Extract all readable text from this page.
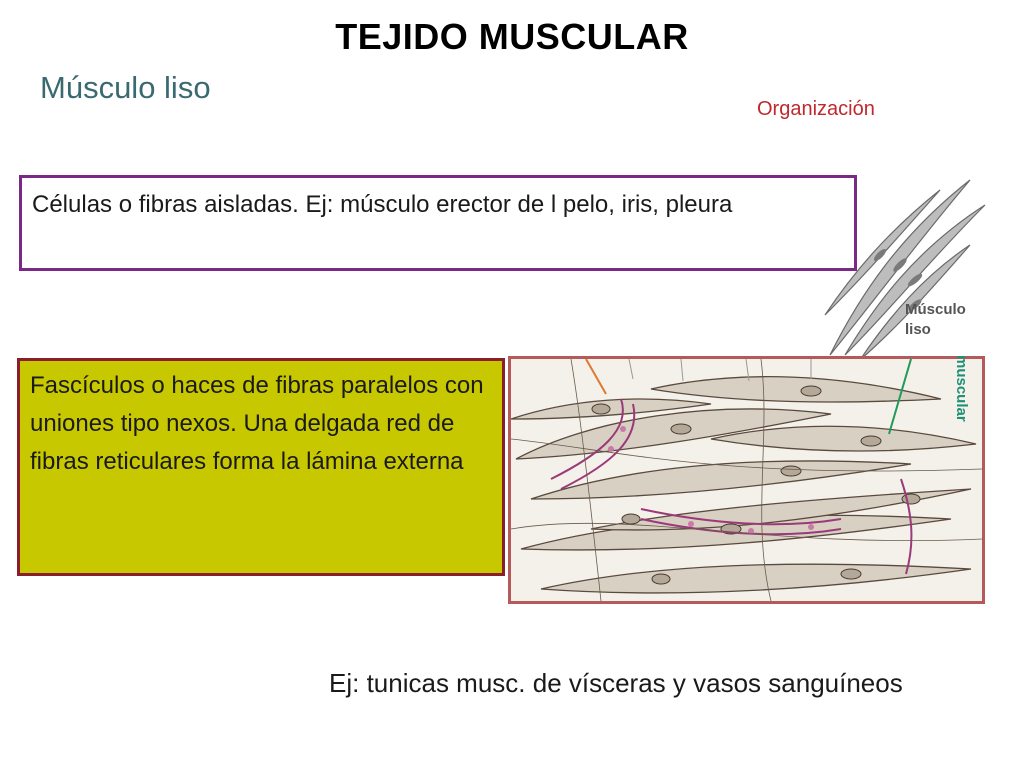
TEJIDO MUSCULAR
Músculo liso
Organización
Células o fibras aisladas. Ej: músculo erector de l pelo, iris, pleura
Músculo
liso
Fascículos o haces de fibras paralelos con uniones tipo nexos. Una delgada red de fibras reticulares forma la lámina externa
muscular
Ej: tunicas musc. de vísceras y vasos sanguíneos
